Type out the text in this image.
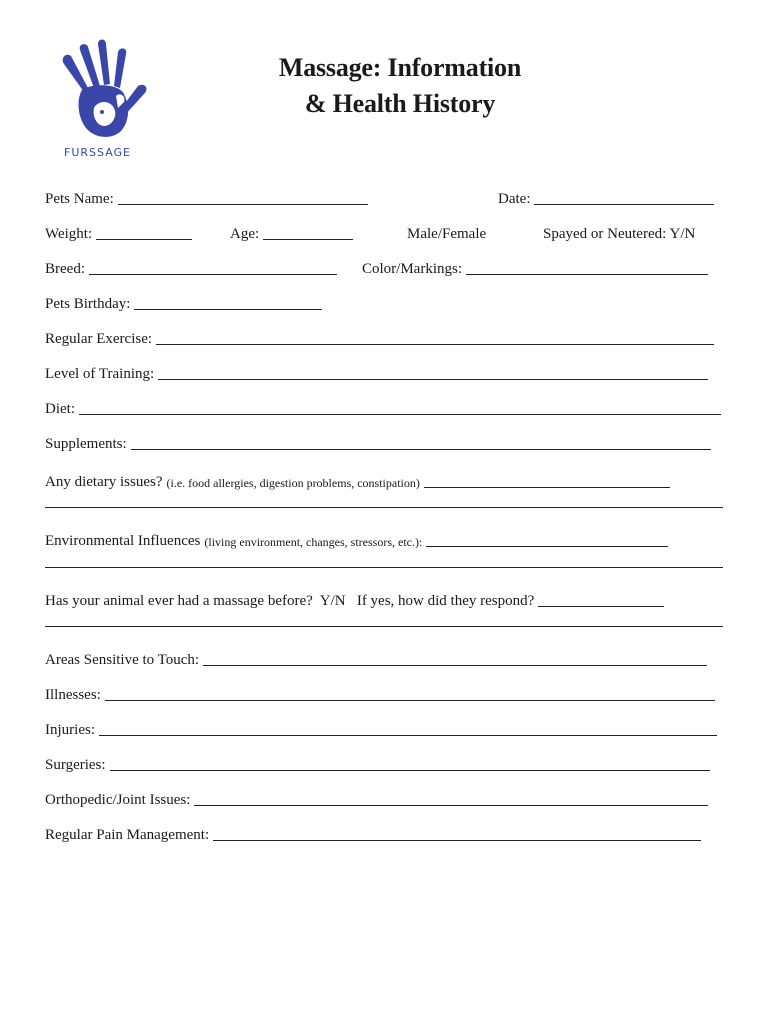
FURSSAGE
Massage: Information
& Health History
Pets Name:	Date:
Weight:	Age:	Male/Female	Spayed or Neutered: Y/N
Breed:	Color/Markings:
Pets Birthday:
Regular Exercise:
Level of Training:
Diet:
Supplements:
Any dietary issues? (i.e. food allergies, digestion problems, constipation)
Environmental Influences (living environment, changes, stressors, etc.):
Has your animal ever had a massage before?  Y/N   If yes, how did they respond?
Areas Sensitive to Touch:
Illnesses:
Injuries:
Surgeries:
Orthopedic/Joint Issues:
Regular Pain Management:
